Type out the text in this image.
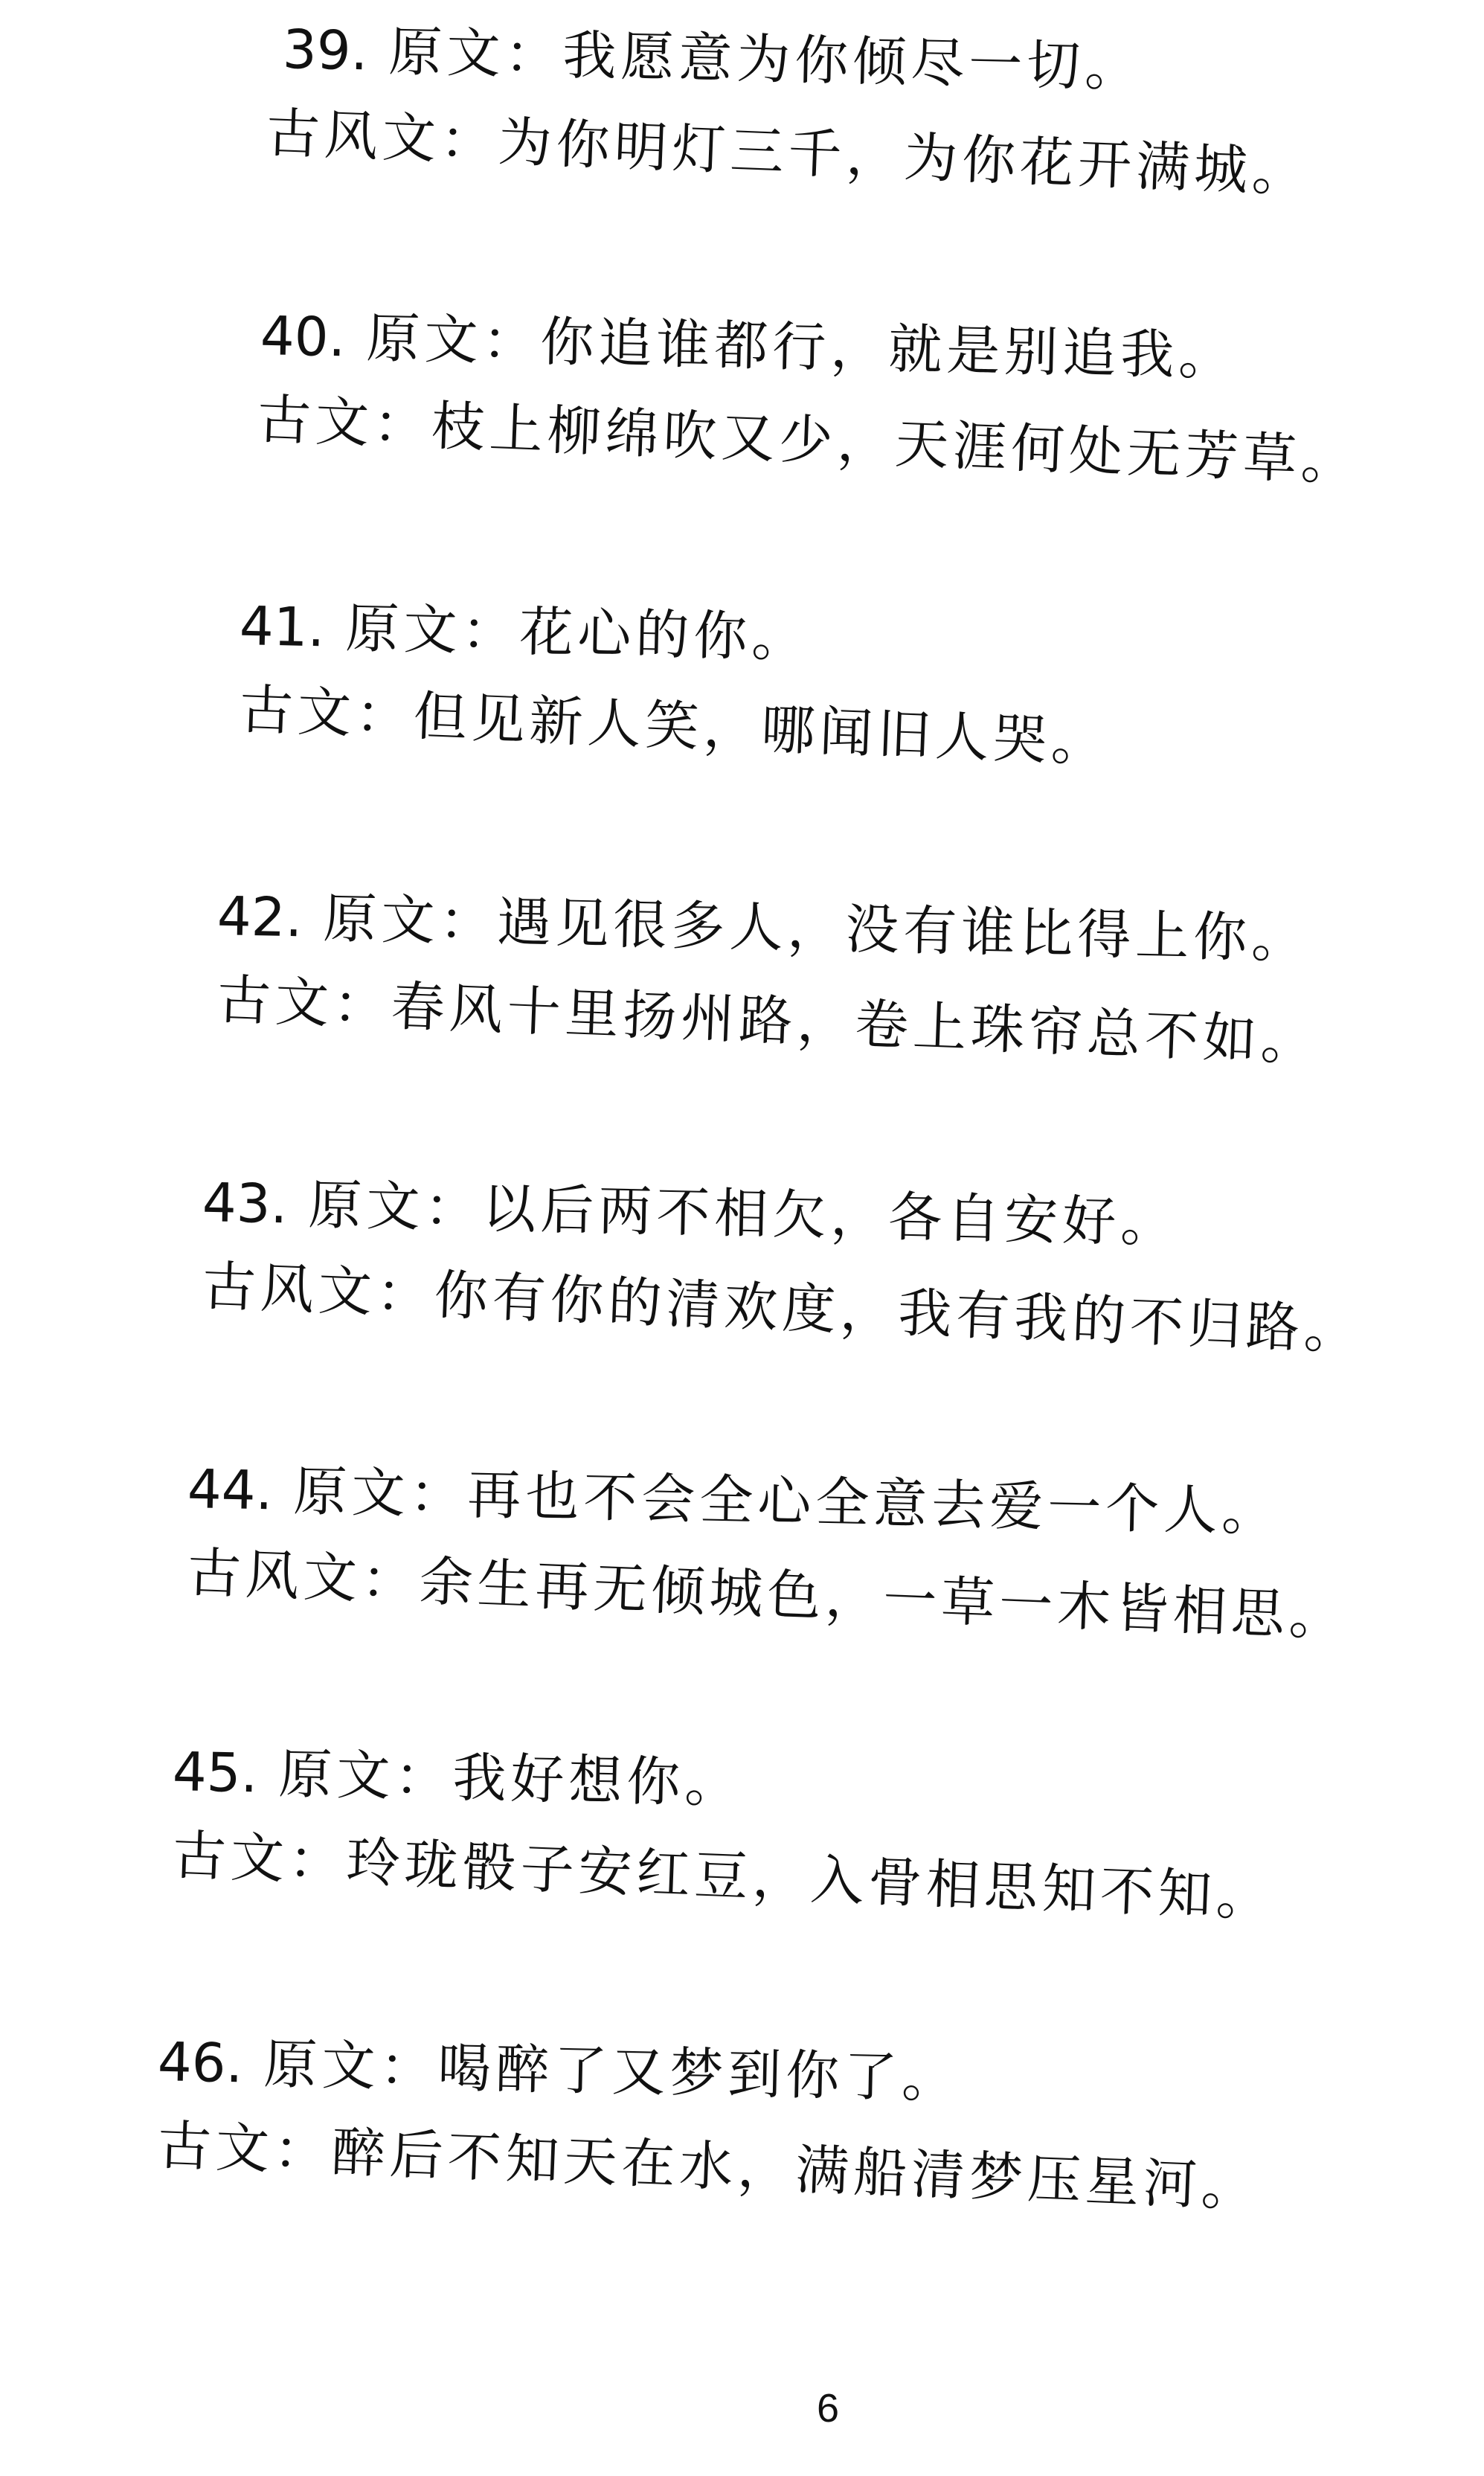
39. 原文：我愿意为你倾尽一切。
古风文：为你明灯三千，为你花开满城。
40. 原文：你追谁都行，就是别追我。
古文：枝上柳绵吹又少，天涯何处无芳草。
41. 原文：花心的你。
古文：但见新人笑，哪闻旧人哭。
42. 原文：遇见很多人，没有谁比得上你。
古文：春风十里扬州路，卷上珠帘总不如。
43. 原文：以后两不相欠，各自安好。
古风文：你有你的清欢度，我有我的不归路。
44. 原文：再也不会全心全意去爱一个人。
古风文：余生再无倾城色，一草一木皆相思。
45. 原文：我好想你。
古文：玲珑骰子安红豆，入骨相思知不知。
46. 原文：喝醉了又梦到你了。
古文：醉后不知天在水，满船清梦压星河。
6
